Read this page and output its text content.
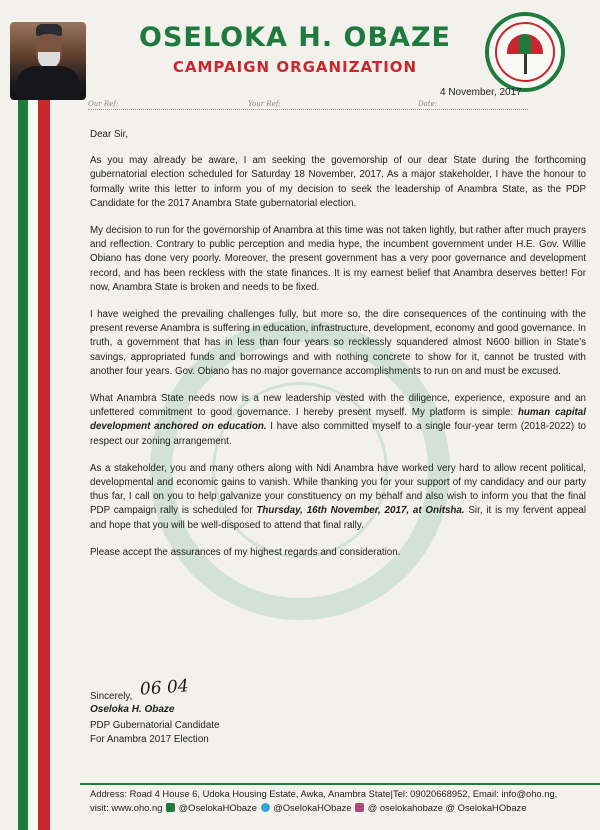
OSELOKA H. OBAZE
CAMPAIGN ORGANIZATION
4 November, 2017
Our Ref:	Your Ref:	Date:

Dear Sir,

As you may already be aware, I am seeking the governorship of our dear State during the forthcoming gubernatorial election scheduled for Saturday 18 November, 2017. As a major stakeholder, I have the honour to formally write this letter to inform you of my decision to seek the leadership of Anambra State, as the PDP Candidate for the 2017 Anambra State gubernatorial election.

My decision to run for the governorship of Anambra at this time was not taken lightly, but rather after much prayers and reflection. Contrary to public perception and media hype, the incumbent government under H.E. Gov. Willie Obiano has done very poorly. Moreover, the present government has a very poor governance and development record, and has been reckless with the state finances. It is my earnest belief that Anambra deserves better! For now, Anambra State is broken and needs to be fixed.

I have weighed the prevailing challenges fully, but more so, the dire consequences of the continuing with the present reverse Anambra is suffering in education, infrastructure, development, economy and good governance. In truth, a government that has in less than four years so recklessly squandered almost N600 billion in State's savings, appropriated funds and borrowings and with nothing concrete to show for it, cannot be trusted with another four years. Gov. Obiano has no major governance accomplishments to run on and must be excused.

What Anambra State needs now is a new leadership vested with the diligence, experience, exposure and an unfettered commitment to good governance. I hereby present myself. My platform is simple: human capital development anchored on education. I have also committed myself to a single four-year term (2018-2022) to respect our zoning arrangement.

As a stakeholder, you and many others along with Ndi Anambra have worked very hard to allow recent political, developmental and economic gains to vanish. While thanking you for your support of my candidacy and our party thus far, I call on you to help galvanize your constituency on my behalf and also wish to inform you that the final PDP campaign rally is scheduled for Thursday, 16th November, 2017, at Onitsha. Sir, it is my fervent appeal and hope that you will be well-disposed to attend that final rally.

Please accept the assurances of my highest regards and consideration.

Sincerely, 06 04
Oseloka H. Obaze
PDP Gubernatorial Candidate
For Anambra 2017 Election
Address: Road 4 House 6, Udoka Housing Estate, Awka, Anambra State|Tel: 09020668952, Email: info@oho.ng,
visit: www.oho.ng @OselokaHObaze @OselokaHObaze @ oselokahobaze @ OselokaHObaze
